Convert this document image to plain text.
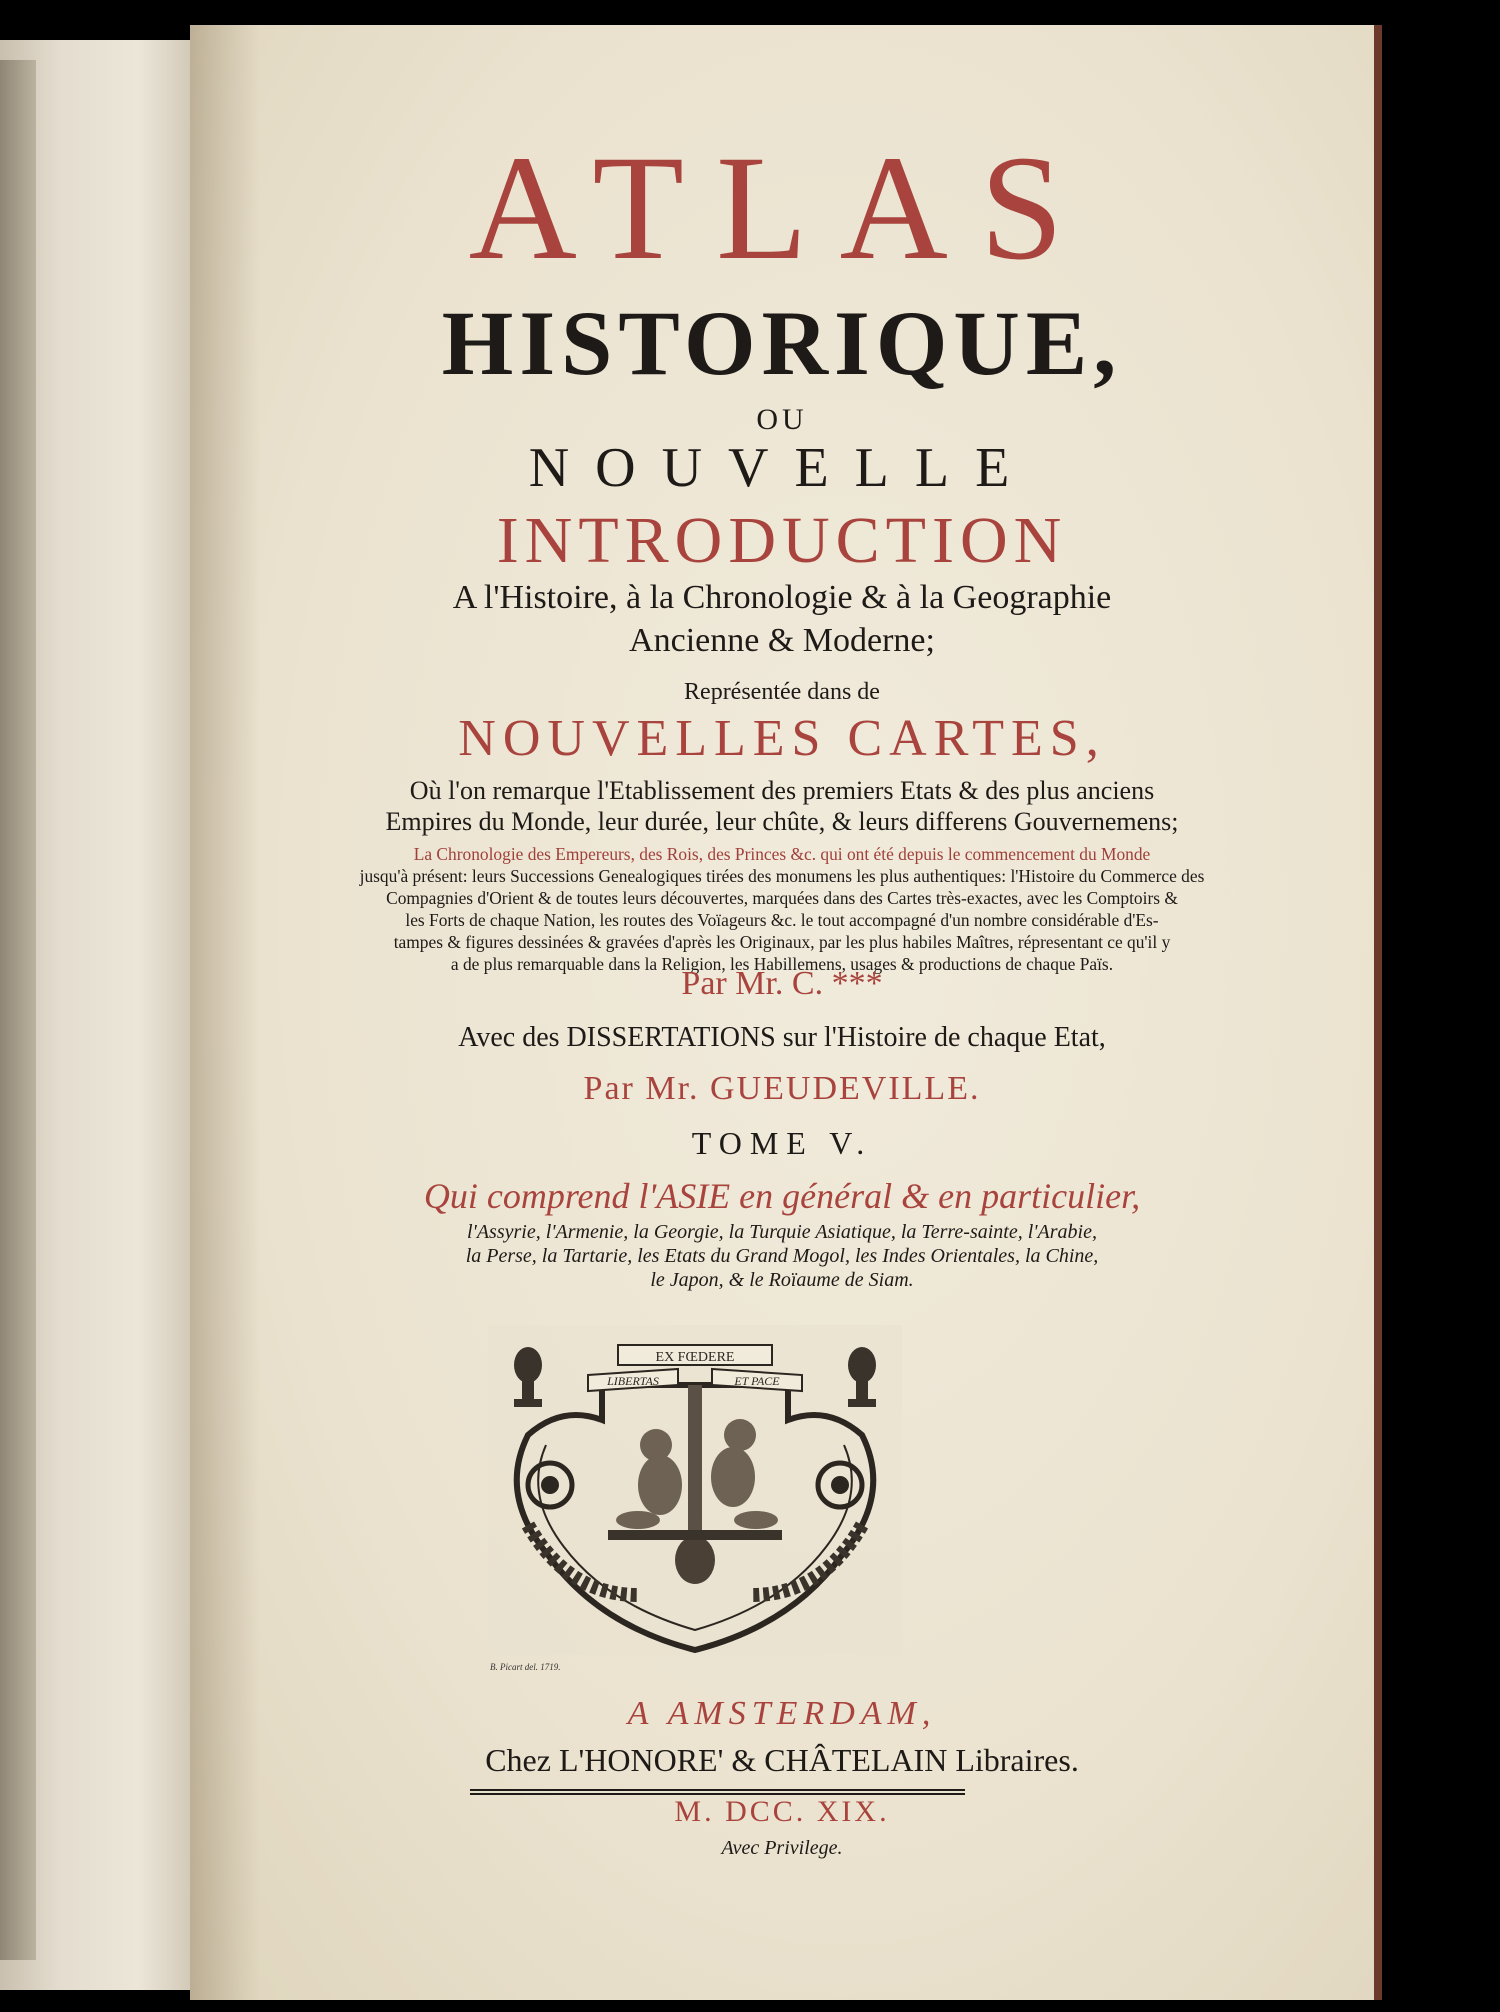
ATLAS
HISTORIQUE,
OU
NOUVELLE
INTRODUCTION
A l'Histoire, à la Chronologie & à la Geographie
Ancienne & Moderne;
Représentée dans de
NOUVELLES CARTES,
Où l'on remarque l'Etablissement des premiers Etats & des plus anciens
Empires du Monde, leur durée, leur chûte, & leurs differens Gouvernemens;
La Chronologie des Empereurs, des Rois, des Princes &c. qui ont été depuis le commencement du Monde
jusqu'à présent: leurs Successions Genealogiques tirées des monumens les plus authentiques: l'Histoire du Commerce des
Compagnies d'Orient & de toutes leurs découvertes, marquées dans des Cartes très-exactes, avec les Comptoirs &
les Forts de chaque Nation, les routes des Voïageurs &c. le tout accompagné d'un nombre considérable d'Es-
tampes & figures dessinées & gravées d'après les Originaux, par les plus habiles Maîtres, répresentant ce qu'il y
a de plus remarquable dans la Religion, les Habillemens, usages & productions de chaque Païs.
Par Mr. C. ***
Avec des DISSERTATIONS sur l'Histoire de chaque Etat,
Par Mr. GUEUDEVILLE.
TOME V.
Qui comprend l'ASIE en général & en particulier,
l'Assyrie, l'Armenie, la Georgie, la Turquie Asiatique, la Terre-sainte, l'Arabie,
la Perse, la Tartarie, les Etats du Grand Mogol, les Indes Orientales, la Chine,
le Japon, & le Roïaume de Siam.
EX FŒDERE
LIBERTAS	ET PACE
B. Picart del. 1719.
A AMSTERDAM,
Chez L'HONORE' & CHÂTELAIN Libraires.
M. DCC. XIX.
Avec Privilege.
